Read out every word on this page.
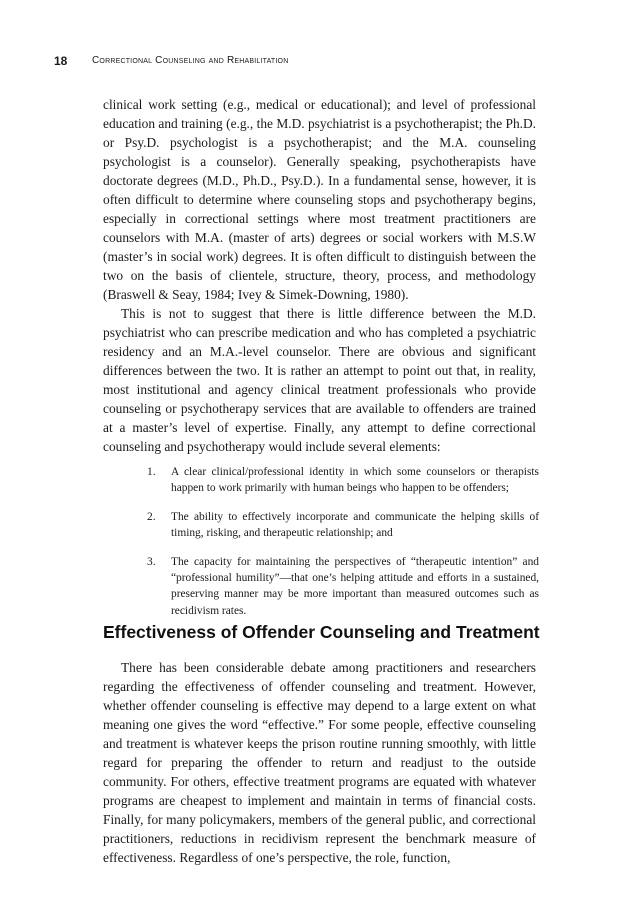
18 Correctional Counseling and Rehabilitation

clinical work setting (e.g., medical or educational); and level of professional education and training (e.g., the M.D. psychiatrist is a psychotherapist; the Ph.D. or Psy.D. psychologist is a psychotherapist; and the M.A. counseling psychologist is a counselor). Generally speaking, psychotherapists have doctorate degrees (M.D., Ph.D., Psy.D.). In a fundamental sense, however, it is often difficult to determine where counseling stops and psychotherapy begins, especially in correctional settings where most treatment practitioners are counselors with M.A. (master of arts) degrees or social workers with M.S.W (master’s in social work) degrees. It is often difficult to distinguish between the two on the basis of clientele, structure, theory, process, and methodology (Braswell & Seay, 1984; Ivey & Simek-Downing, 1980).

This is not to suggest that there is little difference between the M.D. psychiatrist who can prescribe medication and who has completed a psychiatric residency and an M.A.-level counselor. There are obvious and significant differences between the two. It is rather an attempt to point out that, in reality, most institutional and agency clinical treatment professionals who provide counseling or psychotherapy services that are available to offenders are trained at a master’s level of expertise. Finally, any attempt to define correctional counseling and psychotherapy would include several elements:

1. A clear clinical/professional identity in which some counselors or therapists happen to work primarily with human beings who happen to be offenders;
2. The ability to effectively incorporate and communicate the helping skills of timing, risking, and therapeutic relationship; and
3. The capacity for maintaining the perspectives of “therapeutic intention” and “professional humility”—that one’s helping attitude and efforts in a sustained, preserving manner may be more important than measured outcomes such as recidivism rates.
Effectiveness of Offender Counseling and Treatment

There has been considerable debate among practitioners and researchers regarding the effectiveness of offender counseling and treatment. However, whether offender counseling is effective may depend to a large extent on what meaning one gives the word “effective.” For some people, effective counseling and treatment is whatever keeps the prison routine running smoothly, with little regard for preparing the offender to return and readjust to the outside community. For others, effective treatment programs are equated with whatever programs are cheapest to implement and maintain in terms of financial costs. Finally, for many policymakers, members of the general public, and correctional practitioners, reductions in recidivism represent the benchmark measure of effectiveness. Regardless of one’s perspective, the role, function,
